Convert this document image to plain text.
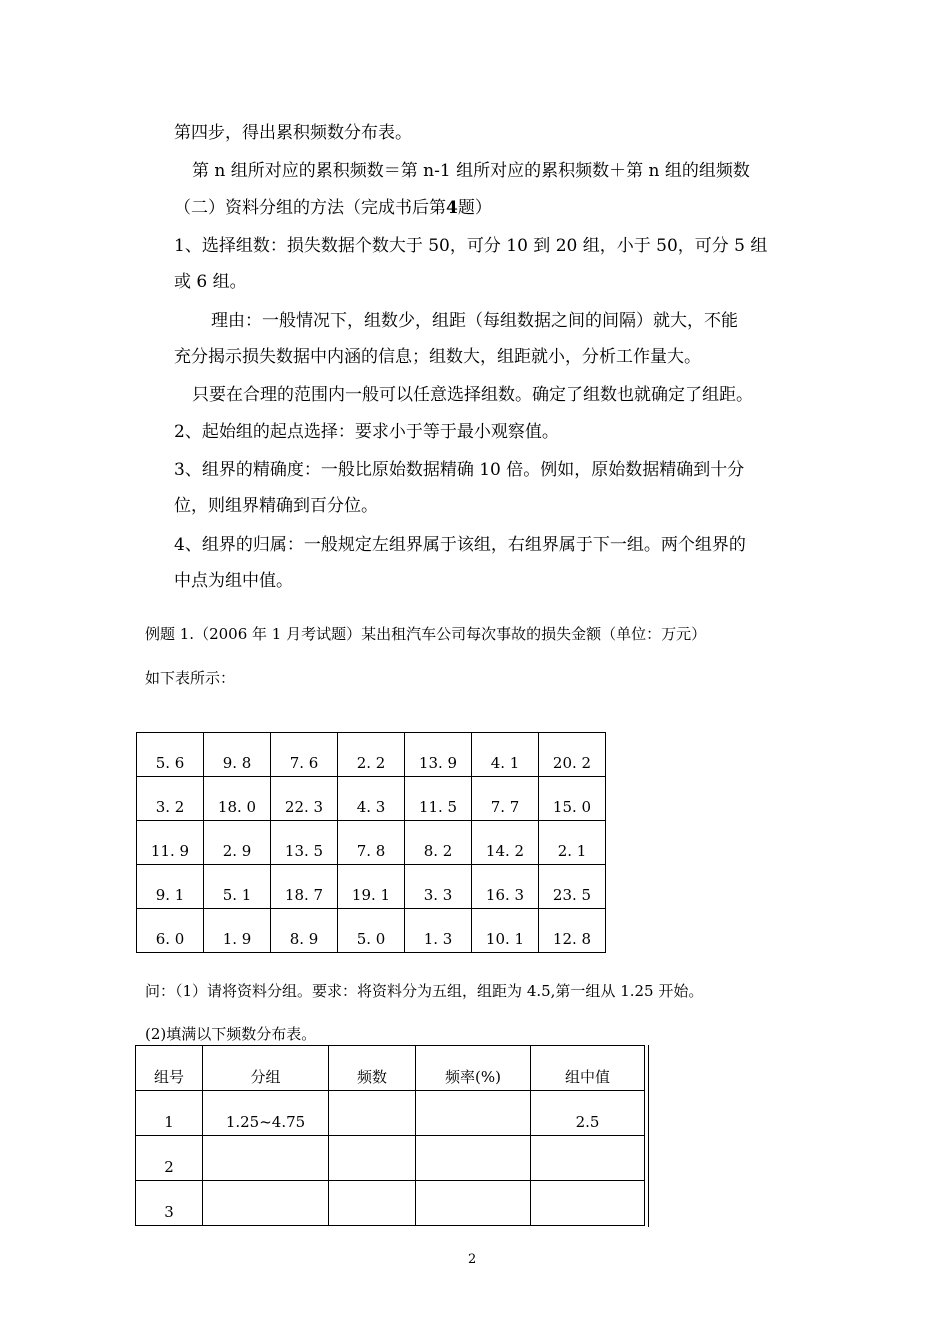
第四步，得出累积频数分布表。
第 n 组所对应的累积频数＝第 n-1 组所对应的累积频数＋第 n 组的组频数
（二）资料分组的方法（完成书后第4题）
1、选择组数：损失数据个数大于 50，可分 10 到 20 组，小于 50，可分 5 组
或 6 组。
理由：一般情况下，组数少，组距（每组数据之间的间隔）就大，不能
充分揭示损失数据中内涵的信息；组数大，组距就小，分析工作量大。
只要在合理的范围内一般可以任意选择组数。确定了组数也就确定了组距。
2、起始组的起点选择：要求小于等于最小观察值。
3、组界的精确度：一般比原始数据精确 10 倍。例如，原始数据精确到十分
位，则组界精确到百分位。
4、组界的归属：一般规定左组界属于该组，右组界属于下一组。两个组界的
中点为组中值。
例题 1.（2006 年 1 月考试题）某出租汽车公司每次事故的损失金额（单位：万元）
如下表所示：
5. 6	9. 8	7. 6	2. 2	13. 9	4. 1	20. 2
3. 2	18. 0	22. 3	4. 3	11. 5	7. 7	15. 0
11. 9	2. 9	13. 5	7. 8	8. 2	14. 2	2. 1
9. 1	5. 1	18. 7	19. 1	3. 3	16. 3	23. 5
6. 0	1. 9	8. 9	5. 0	1. 3	10. 1	12. 8
问：（1）请将资料分组。要求：将资料分为五组，组距为 4.5,第一组从 1.25 开始。
(2)填满以下频数分布表。
组号	分组	频数	频率(%)	组中值
1	1.25~4.75			2.5
2				
3				
2
